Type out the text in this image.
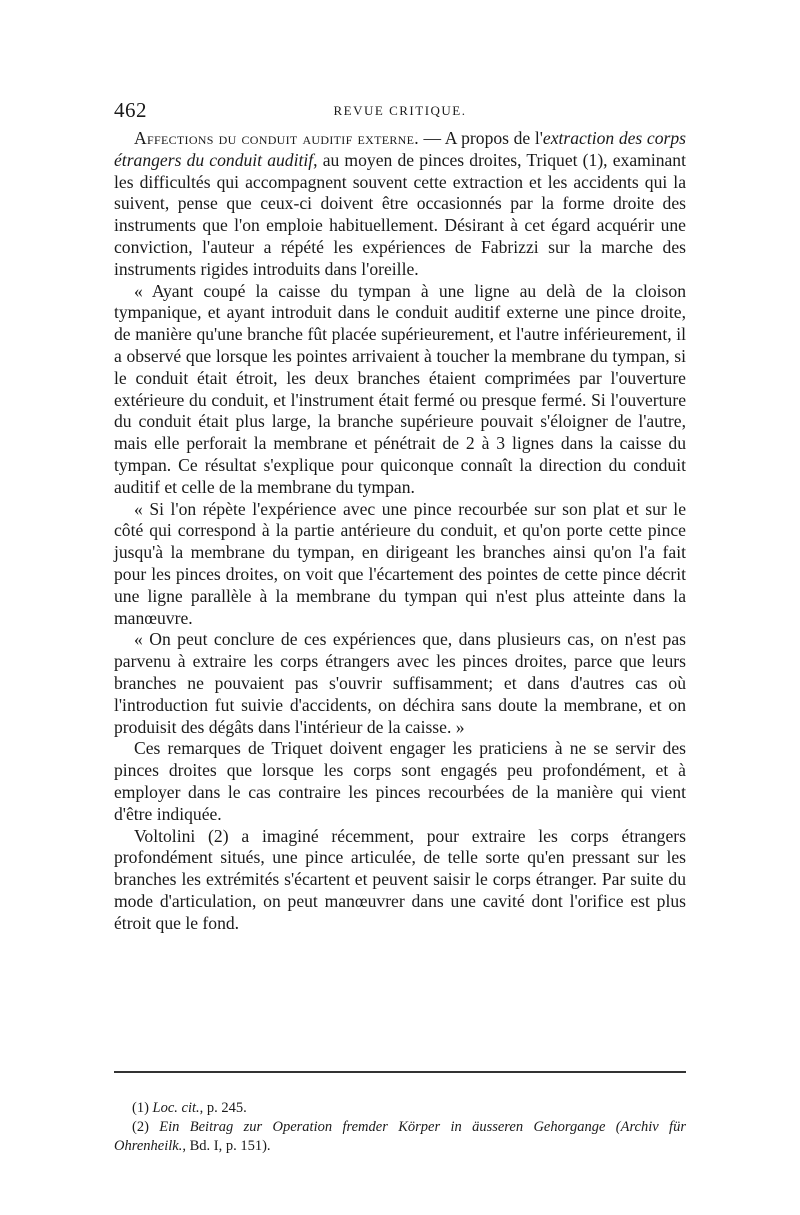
462	REVUE CRITIQUE.

Affections du conduit auditif externe. — A propos de l'extraction des corps étrangers du conduit auditif, au moyen de pinces droites, Triquet (1), examinant les difficultés qui accompagnent souvent cette extraction et les accidents qui la suivent, pense que ceux-ci doivent être occasionnés par la forme droite des instruments que l'on emploie habituellement. Désirant à cet égard acquérir une conviction, l'auteur a répété les expériences de Fabrizzi sur la marche des instruments rigides introduits dans l'oreille.

« Ayant coupé la caisse du tympan à une ligne au delà de la cloison tympanique, et ayant introduit dans le conduit auditif externe une pince droite, de manière qu'une branche fût placée supérieurement, et l'autre inférieurement, il a observé que lorsque les pointes arrivaient à toucher la membrane du tympan, si le conduit était étroit, les deux branches étaient comprimées par l'ouverture extérieure du conduit, et l'instrument était fermé ou presque fermé. Si l'ouverture du conduit était plus large, la branche supérieure pouvait s'éloigner de l'autre, mais elle perforait la membrane et pénétrait de 2 à 3 lignes dans la caisse du tympan. Ce résultat s'explique pour quiconque connaît la direction du conduit auditif et celle de la membrane du tympan.

« Si l'on répète l'expérience avec une pince recourbée sur son plat et sur le côté qui correspond à la partie antérieure du conduit, et qu'on porte cette pince jusqu'à la membrane du tympan, en dirigeant les branches ainsi qu'on l'a fait pour les pinces droites, on voit que l'écartement des pointes de cette pince décrit une ligne parallèle à la membrane du tympan qui n'est plus atteinte dans la manœuvre.

« On peut conclure de ces expériences que, dans plusieurs cas, on n'est pas parvenu à extraire les corps étrangers avec les pinces droites, parce que leurs branches ne pouvaient pas s'ouvrir suffisamment; et dans d'autres cas où l'introduction fut suivie d'accidents, on déchira sans doute la membrane, et on produisit des dégâts dans l'intérieur de la caisse. »

Ces remarques de Triquet doivent engager les praticiens à ne se servir des pinces droites que lorsque les corps sont engagés peu profondément, et à employer dans le cas contraire les pinces recourbées de la manière qui vient d'être indiquée.

Voltolini (2) a imaginé récemment, pour extraire les corps étrangers profondément situés, une pince articulée, de telle sorte qu'en pressant sur les branches les extrémités s'écartent et peuvent saisir le corps étranger. Par suite du mode d'articulation, on peut manœuvrer dans une cavité dont l'orifice est plus étroit que le fond.

(1) Loc. cit., p. 245.

(2) Ein Beitrag zur Operation fremder Körper in äusseren Gehorgange (Archiv für Ohrenheilk., Bd. I, p. 151).
